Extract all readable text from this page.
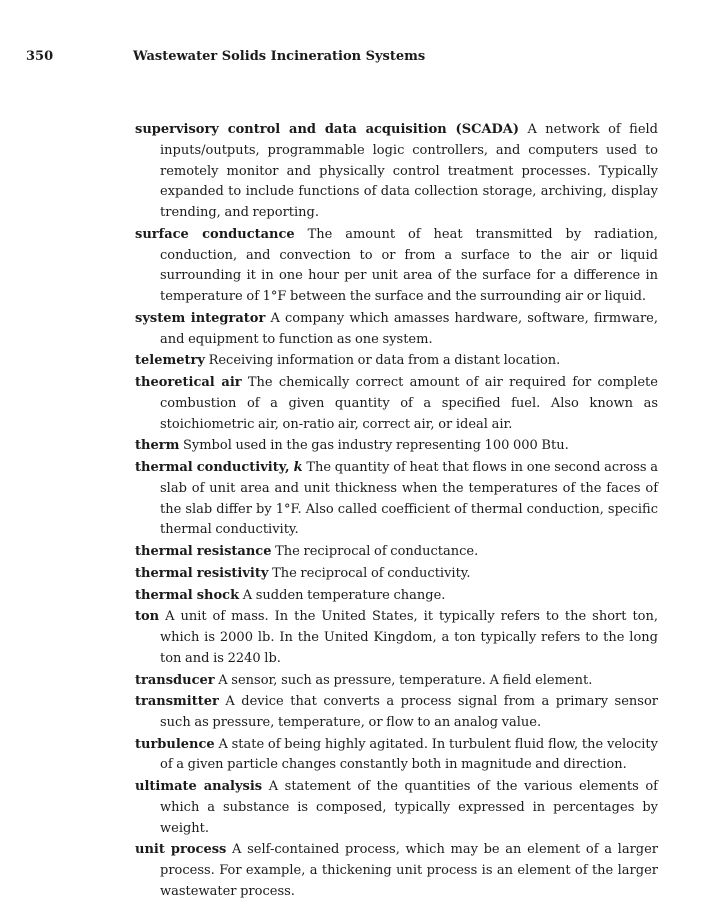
350	Wastewater Solids Incineration Systems

supervisory control and data acquisition (SCADA) A network of field inputs/outputs, programmable logic controllers, and computers used to remotely monitor and physically control treatment processes. Typically expanded to include functions of data collection storage, archiving, display trending, and reporting.

surface conductance The amount of heat transmitted by radiation, conduction, and convection to or from a surface to the air or liquid surrounding it in one hour per unit area of the surface for a difference in temperature of 1°F between the surface and the surrounding air or liquid.

system integrator A company which amasses hardware, software, firmware, and equipment to function as one system.

telemetry Receiving information or data from a distant location.

theoretical air The chemically correct amount of air required for complete combustion of a given quantity of a specified fuel. Also known as stoichiometric air, on-ratio air, correct air, or ideal air.

therm Symbol used in the gas industry representing 100 000 Btu.

thermal conductivity, k The quantity of heat that flows in one second across a slab of unit area and unit thickness when the temperatures of the faces of the slab differ by 1°F. Also called coefficient of thermal conduction, specific thermal conductivity.

thermal resistance The reciprocal of conductance.

thermal resistivity The reciprocal of conductivity.

thermal shock A sudden temperature change.

ton A unit of mass. In the United States, it typically refers to the short ton, which is 2000 lb. In the United Kingdom, a ton typically refers to the long ton and is 2240 lb.

transducer A sensor, such as pressure, temperature. A field element.

transmitter A device that converts a process signal from a primary sensor such as pressure, temperature, or flow to an analog value.

turbulence A state of being highly agitated. In turbulent fluid flow, the velocity of a given particle changes constantly both in magnitude and direction.

ultimate analysis A statement of the quantities of the various elements of which a substance is composed, typically expressed in percentages by weight.

unit process A self-contained process, which may be an element of a larger process. For example, a thickening unit process is an element of the larger wastewater process.
